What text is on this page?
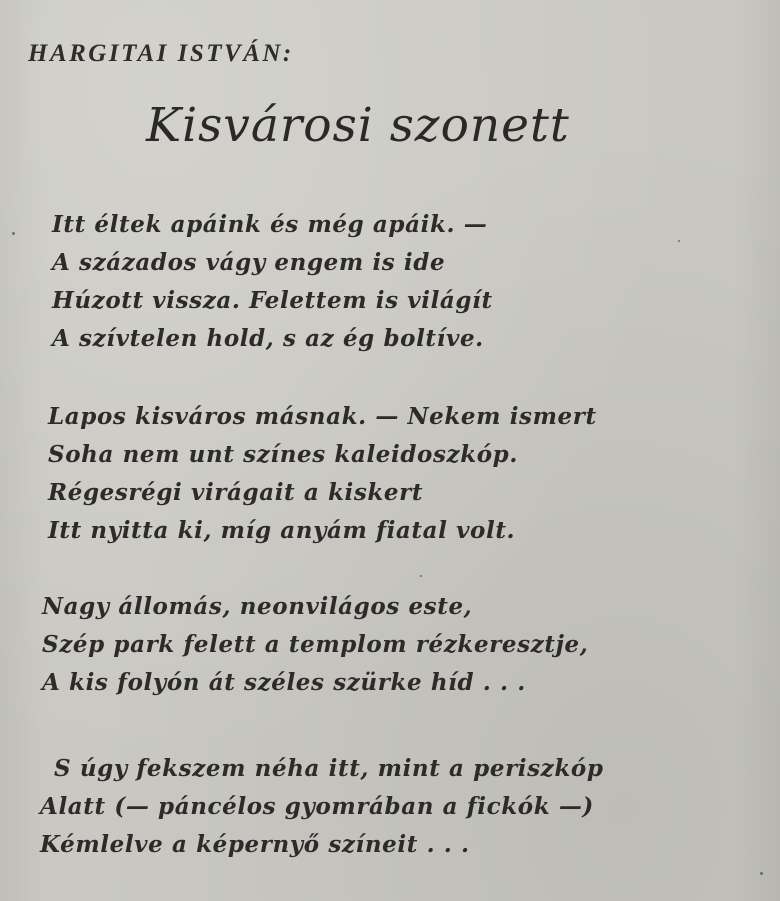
HARGITAI ISTVÁN:
Kisvárosi szonett
Itt éltek apáink és még apáik. —
A százados vágy engem is ide
Húzott vissza. Felettem is világít
A szívtelen hold, s az ég boltíve.
Lapos kisváros másnak. — Nekem ismert
Soha nem unt színes kaleidoszkóp.
Régesrégi virágait a kiskert
Itt nyitta ki, míg anyám fiatal volt.
Nagy állomás, neonvilágos este,
Szép park felett a templom rézkeresztje,
A kis folyón át széles szürke híd . . .
S úgy fekszem néha itt, mint a periszkóp
Alatt (— páncélos gyomrában a fickók —)
Kémlelve a képernyő színeit . . .
